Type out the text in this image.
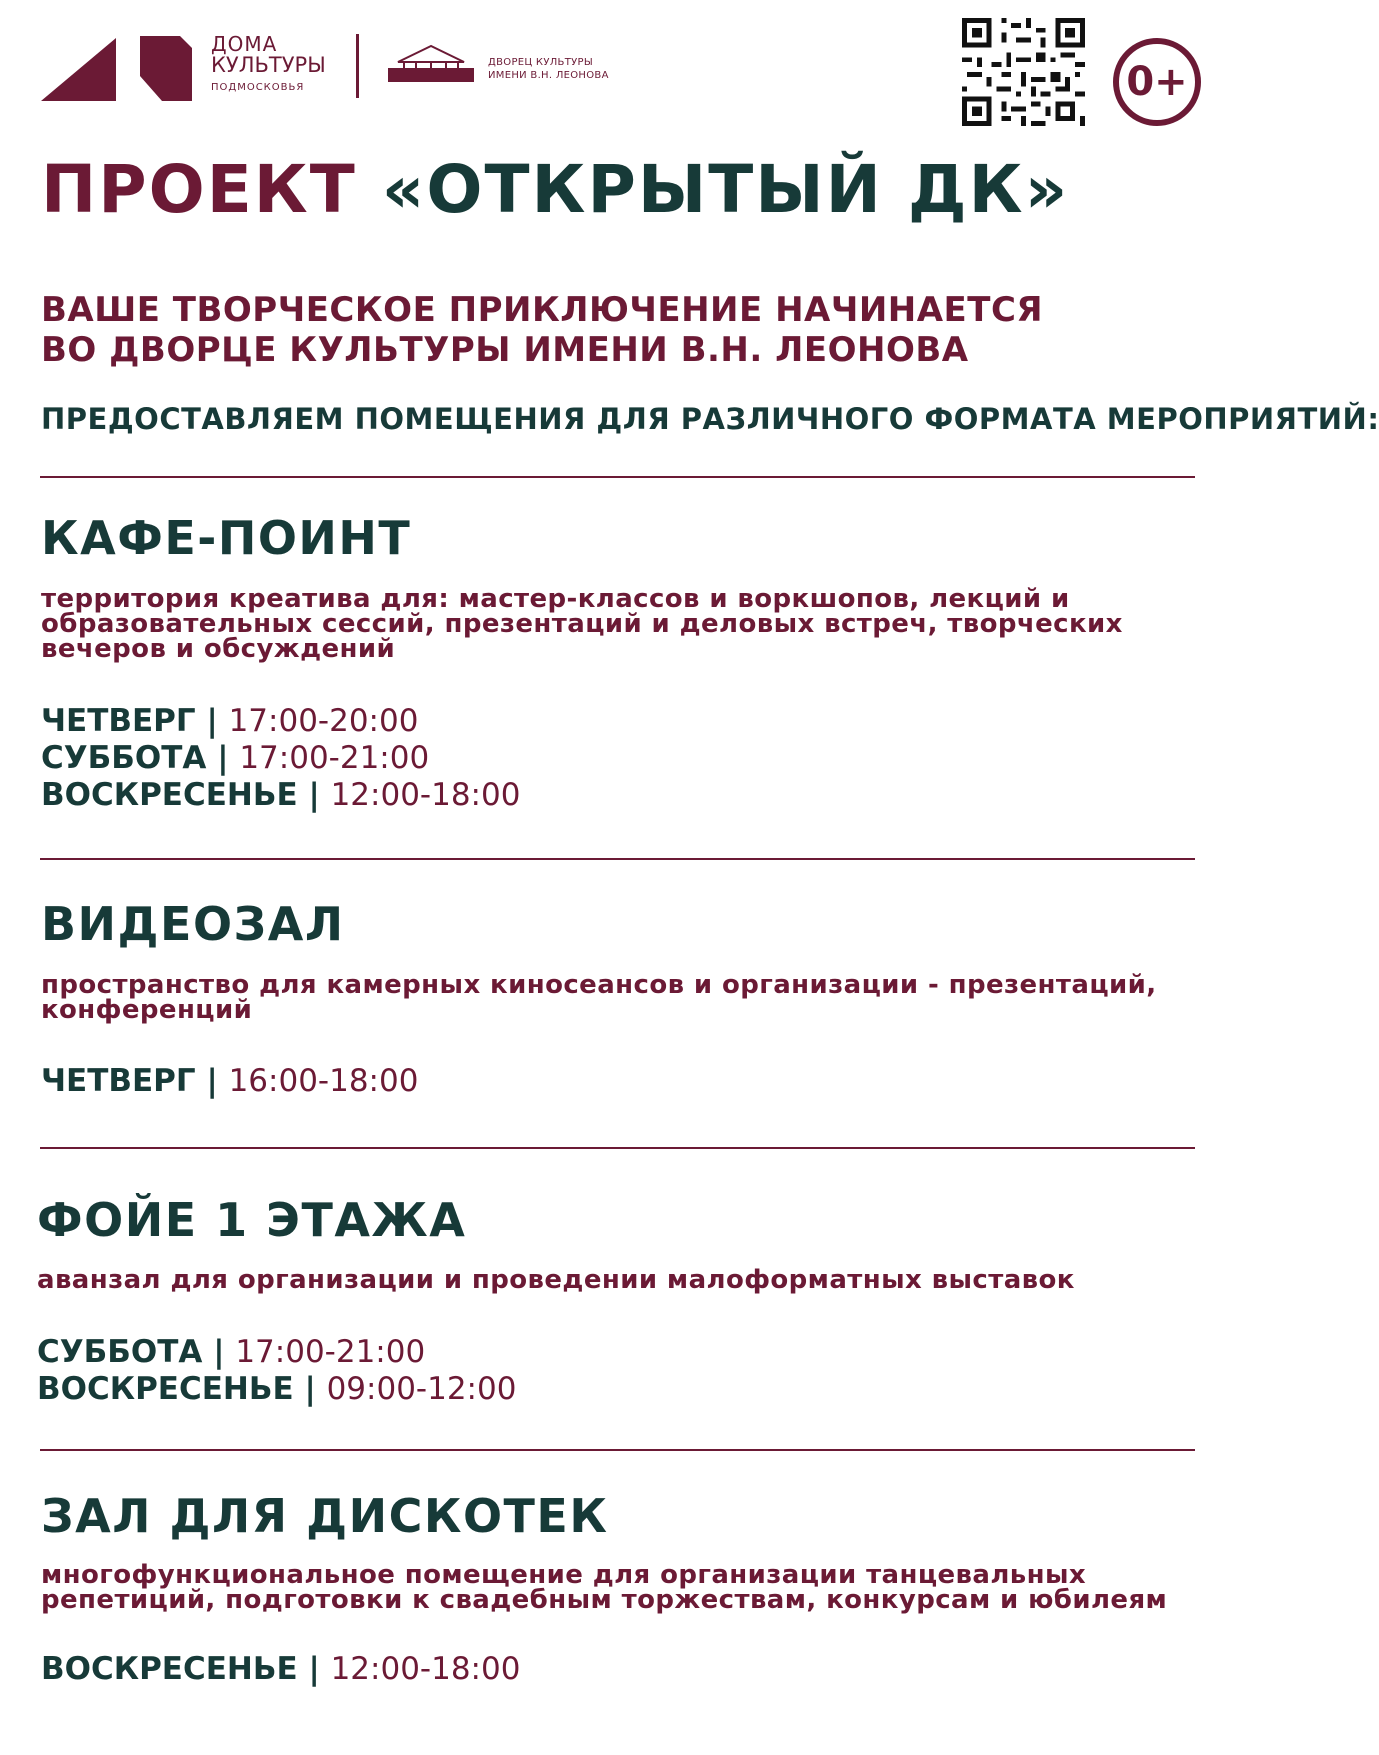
ДОМА
КУЛЬТУРЫ
ПОДМОСКОВЬЯ
ДВОРЕЦ КУЛЬТУРЫ
ИМЕНИ В.Н. ЛЕОНОВА	0+
ПРОЕКТ «ОТКРЫТЫЙ ДК»
ВАШЕ ТВОРЧЕСКОЕ ПРИКЛЮЧЕНИЕ НАЧИНАЕТСЯ
ВО ДВОРЦЕ КУЛЬТУРЫ ИМЕНИ В.Н. ЛЕОНОВА
ПРЕДОСТАВЛЯЕМ ПОМЕЩЕНИЯ ДЛЯ РАЗЛИЧНОГО ФОРМАТА МЕРОПРИЯТИЙ:
КАФЕ-ПОИНТ
территория креатива для: мастер-классов и воркшопов, лекций и образовательных сессий, презентаций и деловых встреч, творческих вечеров и обсуждений
ЧЕТВЕРГ | 17:00-20:00
СУББОТА | 17:00-21:00
ВОСКРЕСЕНЬЕ | 12:00-18:00
ВИДЕОЗАЛ
пространство для камерных киносеансов и организации - презентаций, конференций
ЧЕТВЕРГ | 16:00-18:00
ФОЙЕ 1 ЭТАЖА
аванзал для организации и проведении малоформатных выставок
СУББОТА | 17:00-21:00
ВОСКРЕСЕНЬЕ | 09:00-12:00
ЗАЛ ДЛЯ ДИСКОТЕК
многофункциональное помещение для организации танцевальных репетиций, подготовки к свадебным торжествам, конкурсам и юбилеям
ВОСКРЕСЕНЬЕ | 12:00-18:00
